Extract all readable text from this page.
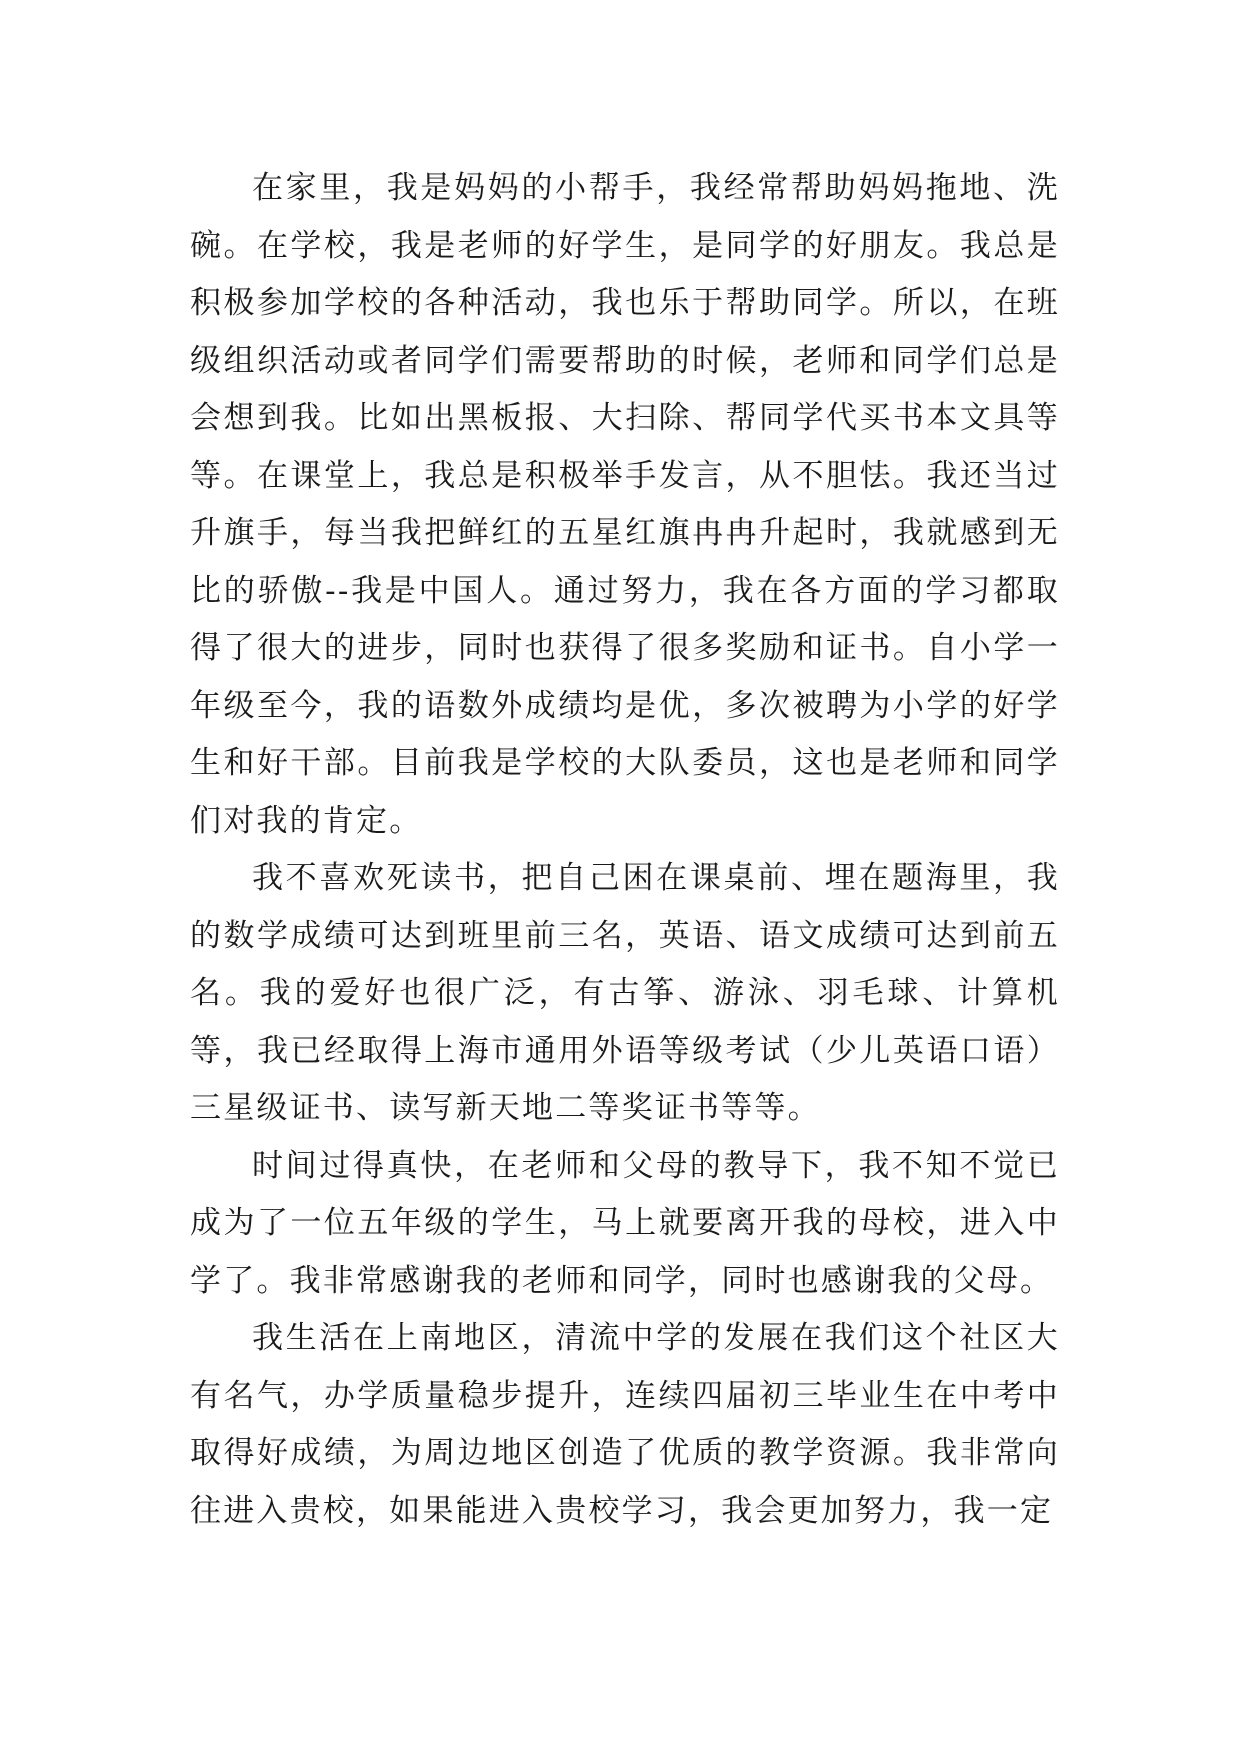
在家里，我是妈妈的小帮手，我经常帮助妈妈拖地、洗碗。在学校，我是老师的好学生，是同学的好朋友。我总是积极参加学校的各种活动，我也乐于帮助同学。所以，在班级组织活动或者同学们需要帮助的时候，老师和同学们总是会想到我。比如出黑板报、大扫除、帮同学代买书本文具等等。在课堂上，我总是积极举手发言，从不胆怯。我还当过升旗手，每当我把鲜红的五星红旗冉冉升起时，我就感到无比的骄傲--我是中国人。通过努力，我在各方面的学习都取得了很大的进步，同时也获得了很多奖励和证书。自小学一年级至今，我的语数外成绩均是优，多次被聘为小学的好学生和好干部。目前我是学校的大队委员，这也是老师和同学们对我的肯定。

我不喜欢死读书，把自己困在课桌前、埋在题海里，我的数学成绩可达到班里前三名，英语、语文成绩可达到前五名。我的爱好也很广泛，有古筝、游泳、羽毛球、计算机等，我已经取得上海市通用外语等级考试（少儿英语口语）三星级证书、读写新天地二等奖证书等等。

时间过得真快，在老师和父母的教导下，我不知不觉已成为了一位五年级的学生，马上就要离开我的母校，进入中学了。我非常感谢我的老师和同学，同时也感谢我的父母。

我生活在上南地区，清流中学的发展在我们这个社区大有名气，办学质量稳步提升，连续四届初三毕业生在中考中取得好成绩，为周边地区创造了优质的教学资源。我非常向往进入贵校，如果能进入贵校学习，我会更加努力，我一定
